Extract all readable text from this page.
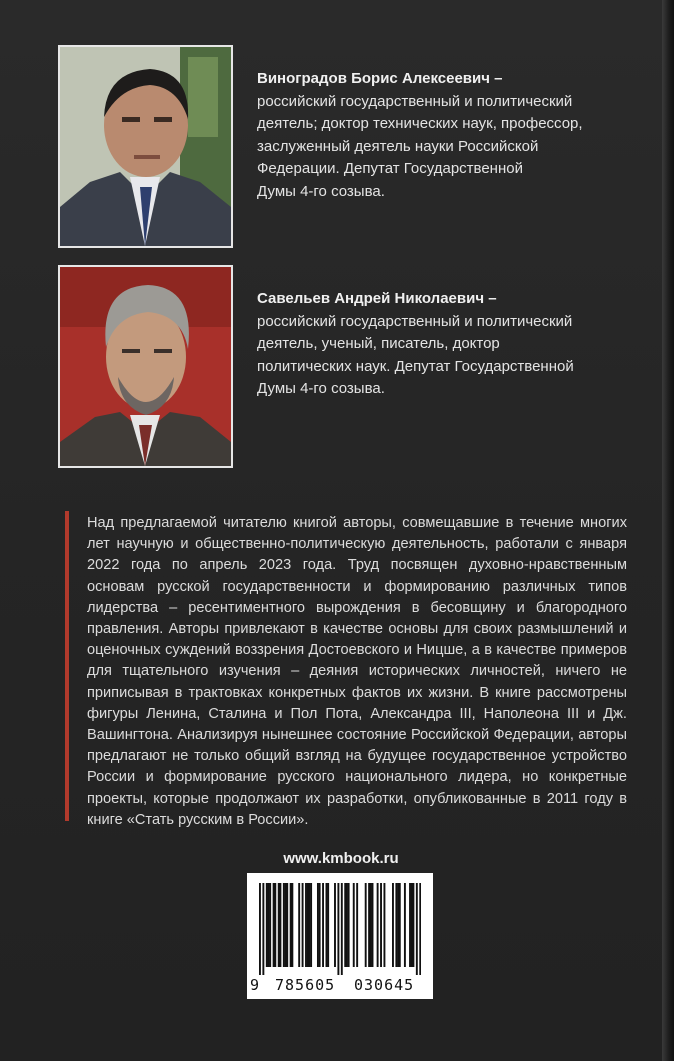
Виноградов Борис Алексеевич –
российский государственный и политический
деятель; доктор технических наук, профессор,
заслуженный деятель науки Российской
Федерации. Депутат Государственной
Думы 4-го созыва.
Савельев Андрей Николаевич –
российский государственный и политический
деятель, ученый, писатель, доктор
политических наук. Депутат Государственной
Думы 4-го созыва.
Над предлагаемой читателю книгой авторы, совмещавшие в течение многих лет научную и общественно-политическую деятельность, работали с января 2022 года по апрель 2023 года. Труд посвящен духовно-нравственным основам русской государственности и формированию различных типов лидерства – ресентиментного вырождения в бесовщину и благородного правления. Авторы привлекают в качестве основы для своих размышлений и оценочных суждений воззрения Достоевского и Ницше, а в качестве примеров для тщательного изучения – деяния исторических личностей, ничего не приписывая в трактовках конкретных фактов их жизни. В книге рассмотрены фигуры Ленина, Сталина и Пол Пота, Александра III, Наполеона III и Дж. Вашингтона. Анализируя нынешнее состояние Российской Федерации, авторы предлагают не только общий взгляд на будущее государственное устройство России и формирование русского национального лидера, но конкретные проекты, которые продолжают их разработки, опубликованные в 2011 году в книге «Стать русским в России».
www.kmbook.ru
9 785605 030645
